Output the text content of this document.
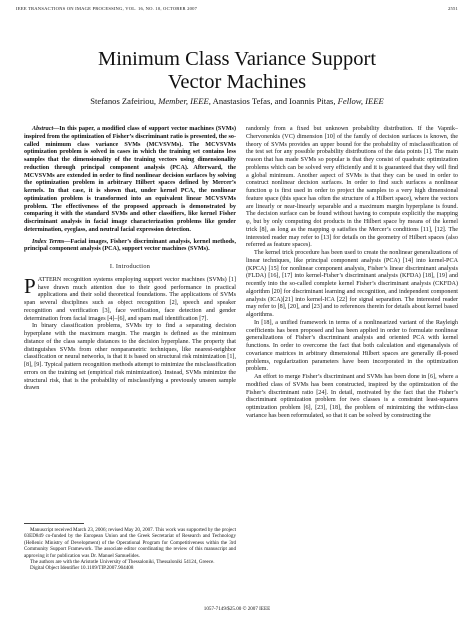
IEEE TRANSACTIONS ON IMAGE PROCESSING, VOL. 16, NO. 10, OCTOBER 2007	2551
Minimum Class Variance Support
Vector Machines
Stefanos Zafeiriou, Member, IEEE, Anastasios Tefas, and Ioannis Pitas, Fellow, IEEE

Abstract—In this paper, a modified class of support vector machines (SVMs) inspired from the optimization of Fisher’s discriminant ratio is presented, the so-called minimum class variance SVMs (MCVSVMs). The MCVSVMs optimization problem is solved in cases in which the training set contains less samples that the dimensionality of the training vectors using dimensionality reduction through principal component analysis (PCA). Afterward, the MCVSVMs are extended in order to find nonlinear decision surfaces by solving the optimization problem in arbitrary Hilbert spaces defined by Mercer’s kernels. In that case, it is shown that, under kernel PCA, the nonlinear optimization problem is transformed into an equivalent linear MCVSVMs problem. The effectiveness of the proposed approach is demonstrated by comparing it with the standard SVMs and other classifiers, like kernel Fisher discriminant analysis in facial image characterization problems like gender determination, eyeglass, and neutral facial expression detection.

Index Terms—Facial images, Fisher’s discriminant analysis, kernel methods, principal component analysis (PCA), support vector machines (SVMs).

I. Introduction

PATTERN recognition systems employing support vector machines (SVMs) [1] have drawn much attention due to their good performance in practical applications and their solid theoretical foundations. The applications of SVMs span several disciplines such as object recognition [2], speech and speaker recognition and verification [3], face verification, face detection and gender determination from facial images [4]–[6], and spam mail identification [7].

In binary classification problems, SVMs try to find a separating decision hyperplane with the maximum margin. The margin is defined as the minimum distance of the class sample distances to the decision hyperplane. The property that distinguishes SVMs from other nonparametric techniques, like nearest-neighbor classification or neural networks, is that it is based on structural risk minimization [1], [8], [9]. Typical pattern recognition methods attempt to minimize the misclassification errors on the training set (empirical risk minimization). Instead, SVMs minimize the structural risk, that is the probability of misclassifying a previously unseen sample drawn

Manuscript received March 23, 2006; revised May 20, 2007. This work was supported by the project 03ED849 co-funded by the European Union and the Greek Secretariat of Research and Technology (Hellenic Ministry of Development) of the Operational Program for Competitiveness within the 3rd Community Support Framework. The associate editor coordinating the review of this manuscript and approving it for publication was Dr. Manuel Samuelides.

The authors are with the Aristotle University of Thessaloniki, Thessaloniki 54124, Greece.

Digital Object Identifier 10.1109/TIP.2007.904408

randomly from a fixed but unknown probability distribution. If the Vapnik–Chervonenkis (VC) dimension [10] of the family of decision surfaces is known, the theory of SVMs provides an upper bound for the probability of misclassification of the test set for any possible probability distributions of the data points [1]. The main reason that has made SVMs so popular is that they consist of quadratic optimization problems which can be solved very efficiently and it is guaranteed that they will find a global minimum. Another aspect of SVMs is that they can be used in order to construct nonlinear decision surfaces. In order to find such surfaces a nonlinear function φ is first used in order to project the samples to a very high dimensional feature space (this space has often the structure of a Hilbert space), where the vectors are linearly or near-linearly separable and a maximum margin hyperplane is found. The decision surface can be found without having to compute explicitly the mapping φ, but by only computing dot products in the Hilbert space by means of the kernel trick [8], as long as the mapping φ satisfies the Mercer’s conditions [11], [12]. The interested reader may refer to [13] for details on the geometry of Hilbert spaces (also referred as feature spaces).

The kernel trick procedure has been used to create the nonlinear generalizations of linear techniques, like principal component analysis (PCA) [14] into kernel-PCA (KPCA) [15] for nonlinear component analysis, Fisher’s linear discriminant analysis (FLDA) [16], [17] into kernel-Fisher’s discriminant analysis (KFDA) [18], [19] and recently into the so-called complete kernel Fisher’s discriminant analysis (CKFDA) algorithm [20] for discriminant learning and recognition, and independent component analysis (ICA)[21] into kernel-ICA [22] for signal separation. The interested reader may refer to [8], [20], and [23] and to references therein for details about kernel based algorithms.

In [18], a unified framework in terms of a nonlinearized variant of the Rayleigh coefficients has been proposed and has been applied in order to formulate nonlinear generalizations of Fisher’s discriminant analysis and oriented PCA with kernel functions. In order to overcome the fact that both calculation and eigenanalysis of covariance matrices in arbitrary dimensional Hilbert spaces are generally ill-posed problems, regularization parameters have been incorporated in the optimization problem.

An effort to merge Fisher’s discriminant and SVMs has been done in [6], where a modified class of SVMs has been constructed, inspired by the optimization of the Fisher’s discriminant ratio [24]. In detail, motivated by the fact that the Fisher’s discriminant optimization problem for two classes is a constraint least-squares optimization problem [6], [23], [18], the problem of minimizing the within-class variance has been reformulated, so that it can be solved by constructing the

1057-7149/$25.00 © 2007 IEEE
